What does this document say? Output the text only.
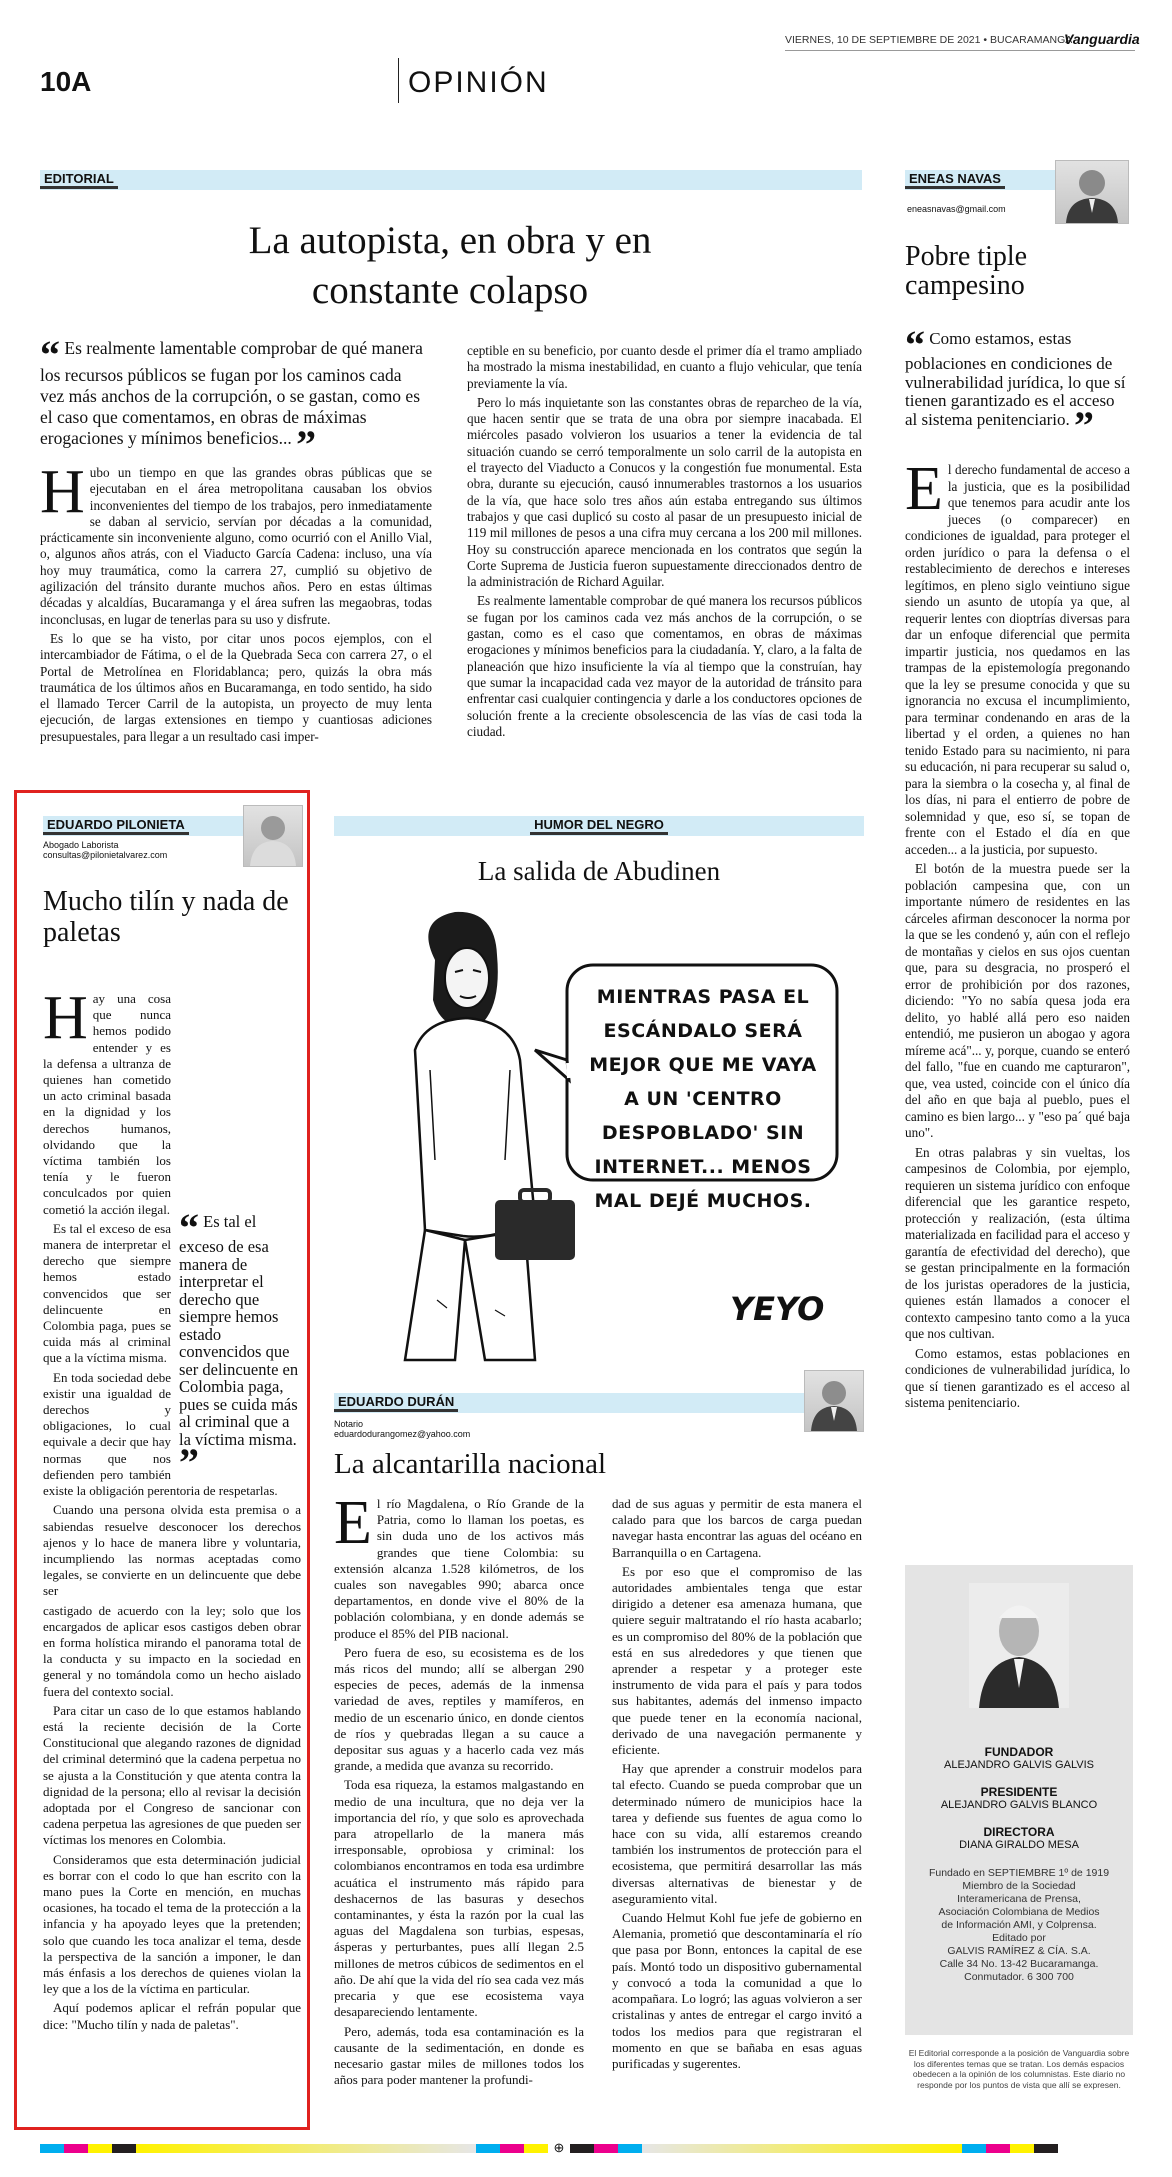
VIERNES, 10 DE SEPTIEMBRE DE 2021 • BUCARAMANGA
Vanguardia
10A	OPINIÓN
EDITORIAL
La autopista, en obra y en constante colapso
“ Es realmente lamentable comprobar de qué manera los recursos públicos se fugan por los caminos cada vez más anchos de la corrupción, o se gastan, como es el caso que comentamos, en obras de máximas erogaciones y mínimos beneficios... ”
H ubo un tiempo en que las grandes obras públicas que se ejecutaban en el área metropolitana causaban los obvios inconvenientes del tiempo de los trabajos, pero inmediatamente se daban al servicio, servían por décadas a la comunidad, prácticamente sin inconveniente alguno, como ocurrió con el Anillo Vial, o, algunos años atrás, con el Viaducto García Cadena: incluso, una vía hoy muy traumática, como la carrera 27, cumplió su objetivo de agilización del tránsito durante muchos años. Pero en estas últimas décadas y alcaldías, Bucaramanga y el área sufren las megaobras, todas inconclusas, en lugar de tenerlas para su uso y disfrute.

Es lo que se ha visto, por citar unos pocos ejemplos, con el intercambiador de Fátima, o el de la Quebrada Seca con carrera 27, o el Portal de Metrolínea en Floridablanca; pero, quizás la obra más traumática de los últimos años en Bucaramanga, en todo sentido, ha sido el llamado Tercer Carril de la autopista, un proyecto de muy lenta ejecución, de largas extensiones en tiempo y cuantiosas adiciones presupuestales, para llegar a un resultado casi imper-

ceptible en su beneficio, por cuanto desde el primer día el tramo ampliado ha mostrado la misma inestabilidad, en cuanto a flujo vehicular, que tenía previamente la vía.

Pero lo más inquietante son las constantes obras de reparcheo de la vía, que hacen sentir que se trata de una obra por siempre inacabada. El miércoles pasado volvieron los usuarios a tener la evidencia de tal situación cuando se cerró temporalmente un solo carril de la autopista en el trayecto del Viaducto a Conucos y la congestión fue monumental. Esta obra, durante su ejecución, causó innumerables trastornos a los usuarios de la vía, que hace solo tres años aún estaba entregando sus últimos trabajos y que casi duplicó su costo al pasar de un presupuesto inicial de 119 mil millones de pesos a una cifra muy cercana a los 200 mil millones. Hoy su construcción aparece mencionada en los contratos que según la Corte Suprema de Justicia fueron supuestamente direccionados dentro de la administración de Richard Aguilar.

Es realmente lamentable comprobar de qué manera los recursos públicos se fugan por los caminos cada vez más anchos de la corrupción, o se gastan, como es el caso que comentamos, en obras de máximas erogaciones y mínimos beneficios para la ciudadanía. Y, claro, a la falta de planeación que hizo insuficiente la vía al tiempo que la construían, hay que sumar la incapacidad cada vez mayor de la autoridad de tránsito para enfrentar casi cualquier contingencia y darle a los conductores opciones de solución frente a la creciente obsolescencia de las vías de casi toda la ciudad.

ENEAS NAVAS
eneasnavas@gmail.com
Pobre tiple campesino
“ Como estamos, estas poblaciones en condiciones de vulnerabilidad jurídica, lo que sí tienen garantizado es el acceso al sistema penitenciario. ”
E l derecho fundamental de acceso a la justicia, que es la posibilidad que tenemos para acudir ante los jueces (o comparecer) en condiciones de igualdad, para proteger el orden jurídico o para la defensa o el restablecimiento de derechos e intereses legítimos, en pleno siglo veintiuno sigue siendo un asunto de utopía ya que, al requerir lentes con dioptrías diversas para dar un enfoque diferencial que permita impartir justicia, nos quedamos en las trampas de la epistemología pregonando que la ley se presume conocida y que su ignorancia no excusa el incumplimiento, para terminar condenando en aras de la libertad y el orden, a quienes no han tenido Estado para su nacimiento, ni para su educación, ni para recuperar su salud o, para la siembra o la cosecha y, al final de los días, ni para el entierro de pobre de solemnidad y que, eso sí, se topan de frente con el Estado el día en que acceden... a la justicia, por supuesto.

El botón de la muestra puede ser la población campesina que, con un importante número de residentes en las cárceles afirman desconocer la norma por la que se les condenó y, aún con el reflejo de montañas y cielos en sus ojos cuentan que, para su desgracia, no prosperó el error de prohibición por dos razones, diciendo: "Yo no sabía quesa joda era delito, yo hablé allá pero eso naiden entendió, me pusieron un abogao y agora míreme acá"... y, porque, cuando se enteró del fallo, "fue en cuando me capturaron", que, vea usted, coincide con el único día del año en que baja al pueblo, pues el camino es bien largo... y "eso pa´ qué baja uno".

En otras palabras y sin vueltas, los campesinos de Colombia, por ejemplo, requieren un sistema jurídico con enfoque diferencial que les garantice respeto, protección y realización, (esta última materializada en facilidad para el acceso y garantía de efectividad del derecho), que se gestan principalmente en la formación de los juristas operadores de la justicia, quienes están llamados a conocer el contexto campesino tanto como a la yuca que nos cultivan.

Como estamos, estas poblaciones en condiciones de vulnerabilidad jurídica, lo que sí tienen garantizado es el acceso al sistema penitenciario.

EDUARDO PILONIETA
Abogado Laborista
consultas@pilonietalvarez.com
Mucho tilín y nada de paletas
H
“ Es tal el exceso de esa manera de interpretar el derecho que siempre hemos estado convencidos que ser delincuente en Colombia paga, pues se cuida más al criminal que a la víctima misma. ”

ay una cosa que nunca hemos podido entender y es la defensa a ultranza de quienes han cometido un acto criminal basada en la dignidad y los derechos humanos, olvidando que la víctima también los tenía y le fueron conculcados por quien cometió la acción ilegal.

Es tal el exceso de esa manera de interpretar el derecho que siempre hemos estado convencidos que ser delincuente en Colombia paga, pues se cuida más al criminal que a la víctima misma.

En toda sociedad debe existir una igualdad de derechos y obligaciones, lo cual equivale a decir que hay normas que nos defienden pero también existe la obligación perentoria de respetarlas.

Cuando una persona olvida esta premisa o a sabiendas resuelve desconocer los derechos ajenos y lo hace de manera libre y voluntaria, incumpliendo las normas aceptadas como legales, se convierte en un delincuente que debe ser

castigado de acuerdo con la ley; solo que los encargados de aplicar esos castigos deben obrar en forma holística mirando el panorama total de la conducta y su impacto en la sociedad en general y no tomándola como un hecho aislado fuera del contexto social.

Para citar un caso de lo que estamos hablando está la reciente decisión de la Corte Constitucional que alegando razones de dignidad del criminal determinó que la cadena perpetua no se ajusta a la Constitución y que atenta contra la dignidad de la persona; ello al revisar la decisión adoptada por el Congreso de sancionar con cadena perpetua las agresiones de que pueden ser víctimas los menores en Colombia.

Consideramos que esta determinación judicial es borrar con el codo lo que han escrito con la mano pues la Corte en mención, en muchas ocasiones, ha tocado el tema de la protección a la infancia y ha apoyado leyes que la pretenden; solo que cuando les toca analizar el tema, desde la perspectiva de la sanción a imponer, le dan más énfasis a los derechos de quienes violan la ley que a los de la víctima en particular.

Aquí podemos aplicar el refrán popular que dice: "Mucho tilín y nada de paletas".

HUMOR DEL NEGRO
La salida de Abudinen
MIENTRAS PASA EL ESCÁNDALO SERÁ MEJOR QUE ME VAYA A UN 'CENTRO DESPOBLADO' SIN INTERNET... MENOS MAL DEJÉ MUCHOS.
YEYO
EDUARDO DURÁN
Notario
eduardodurangomez@yahoo.com
La alcantarilla nacional
E l río Magdalena, o Río Grande de la Patria, como lo llaman los poetas, es sin duda uno de los activos más grandes que tiene Colombia: su extensión alcanza 1.528 kilómetros, de los cuales son navegables 990; abarca once departamentos, en donde vive el 80% de la población colombiana, y en donde además se produce el 85% del PIB nacional.

Pero fuera de eso, su ecosistema es de los más ricos del mundo; allí se albergan 290 especies de peces, además de la inmensa variedad de aves, reptiles y mamíferos, en medio de un escenario único, en donde cientos de ríos y quebradas llegan a su cauce a depositar sus aguas y a hacerlo cada vez más grande, a medida que avanza su recorrido.

Toda esa riqueza, la estamos malgastando en medio de una incultura, que no deja ver la importancia del río, y que solo es aprovechada para atropellarlo de la manera más irresponsable, oprobiosa y criminal: los colombianos encontramos en toda esa urdimbre acuática el instrumento más rápido para deshacernos de las basuras y desechos contaminantes, y ésta la razón por la cual las aguas del Magdalena son turbias, espesas, ásperas y perturbantes, pues allí llegan 2.5 millones de metros cúbicos de sedimentos en el año. De ahí que la vida del río sea cada vez más precaria y que ese ecosistema vaya desapareciendo lentamente.

Pero, además, toda esa contaminación es la causante de la sedimentación, en donde es necesario gastar miles de millones todos los años para poder mantener la profundi-

dad de sus aguas y permitir de esta manera el calado para que los barcos de carga puedan navegar hasta encontrar las aguas del océano en Barranquilla o en Cartagena.

Es por eso que el compromiso de las autoridades ambientales tenga que estar dirigido a detener esa amenaza humana, que quiere seguir maltratando el río hasta acabarlo; es un compromiso del 80% de la población que está en sus alrededores y que tienen que aprender a respetar y a proteger este instrumento de vida para el país y para todos sus habitantes, además del inmenso impacto que puede tener en la economía nacional, derivado de una navegación permanente y eficiente.

Hay que aprender a construir modelos para tal efecto. Cuando se pueda comprobar que un determinado número de municipios hace la tarea y defiende sus fuentes de agua como lo hace con su vida, allí estaremos creando también los instrumentos de protección para el ecosistema, que permitirá desarrollar las más diversas alternativas de bienestar y de aseguramiento vital.

Cuando Helmut Kohl fue jefe de gobierno en Alemania, prometió que descontaminaría el río que pasa por Bonn, entonces la capital de ese país. Montó todo un dispositivo gubernamental y convocó a toda la comunidad a que lo acompañara. Lo logró; las aguas volvieron a ser cristalinas y antes de entregar el cargo invitó a todos los medios para que registraran el momento en que se bañaba en esas aguas purificadas y sugerentes.

FUNDADOR
ALEJANDRO GALVIS GALVIS
PRESIDENTE
ALEJANDRO GALVIS BLANCO
DIRECTORA
DIANA GIRALDO MESA
Fundado en SEPTIEMBRE 1º de 1919
Miembro de la Sociedad
Interamericana de Prensa,
Asociación Colombiana de Medios
de Información AMI, y Colprensa.
Editado por
GALVIS RAMÍREZ & CÍA. S.A.
Calle 34 No. 13-42 Bucaramanga.
Conmutador. 6 300 700
El Editorial corresponde a la posición de Vanguardia sobre los diferentes temas que se tratan. Los demás espacios obedecen a la opinión de los columnistas. Este diario no responde por los puntos de vista que allí se expresen.
⊕
